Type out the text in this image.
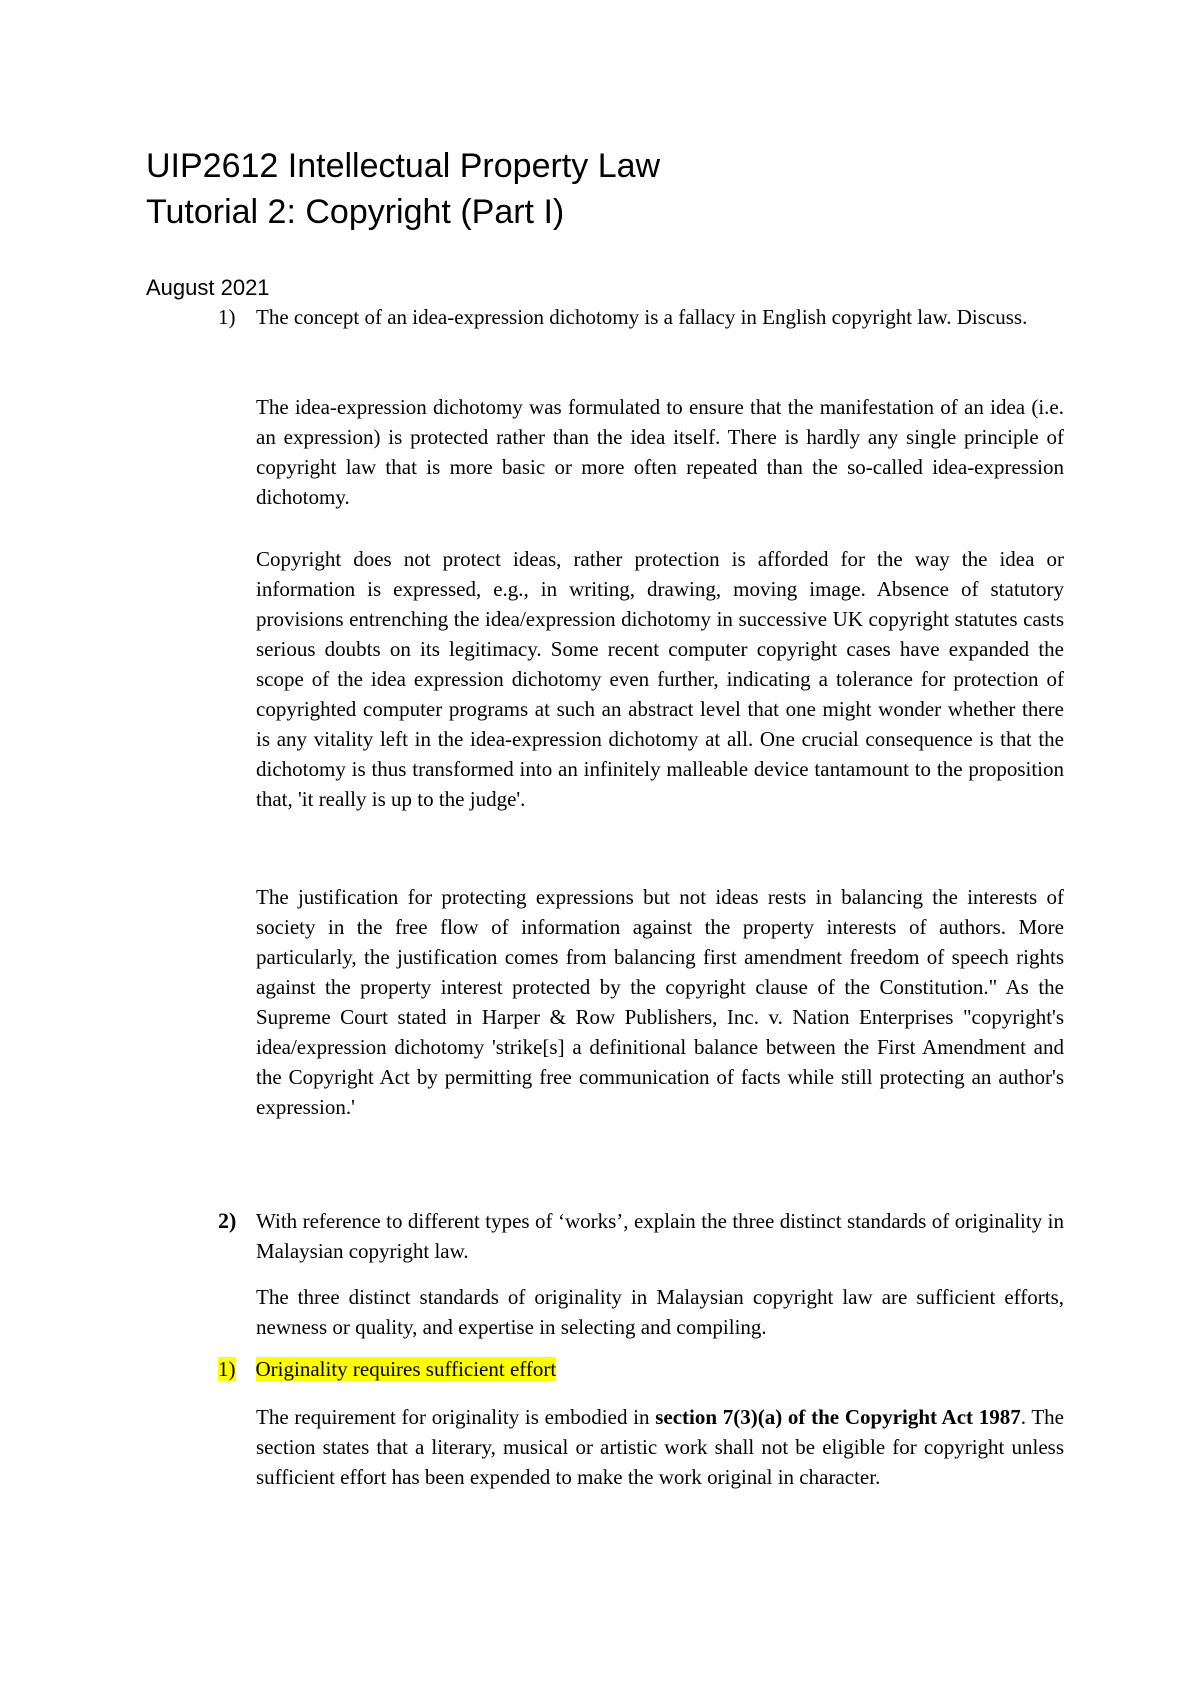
UIP2612 Intellectual Property Law
Tutorial 2: Copyright (Part I)
August 2021
1) The concept of an idea-expression dichotomy is a fallacy in English copyright law. Discuss.

The idea-expression dichotomy was formulated to ensure that the manifestation of an idea (i.e. an expression) is protected rather than the idea itself. There is hardly any single principle of copyright law that is more basic or more often repeated than the so-called idea-expression dichotomy.

Copyright does not protect ideas, rather protection is afforded for the way the idea or information is expressed, e.g., in writing, drawing, moving image. Absence of statutory provisions entrenching the idea/expression dichotomy in successive UK copyright statutes casts serious doubts on its legitimacy. Some recent computer copyright cases have expanded the scope of the idea expression dichotomy even further, indicating a tolerance for protection of copyrighted computer programs at such an abstract level that one might wonder whether there is any vitality left in the idea-expression dichotomy at all. One crucial consequence is that the dichotomy is thus transformed into an infinitely malleable device tantamount to the proposition that, 'it really is up to the judge'.

The justification for protecting expressions but not ideas rests in balancing the interests of society in the free flow of information against the property interests of authors. More particularly, the justification comes from balancing first amendment freedom of speech rights against the property interest protected by the copyright clause of the Constitution." As the Supreme Court stated in Harper & Row Publishers, Inc. v. Nation Enterprises "copyright's idea/expression dichotomy 'strike[s] a definitional balance between the First Amendment and the Copyright Act by permitting free communication of facts while still protecting an author's expression.'

2) With reference to different types of ‘works’, explain the three distinct standards of originality in Malaysian copyright law.

The three distinct standards of originality in Malaysian copyright law are sufficient efforts, newness or quality, and expertise in selecting and compiling.

1) Originality requires sufficient effort

The requirement for originality is embodied in section 7(3)(a) of the Copyright Act 1987. The section states that a literary, musical or artistic work shall not be eligible for copyright unless sufficient effort has been expended to make the work original in character.
